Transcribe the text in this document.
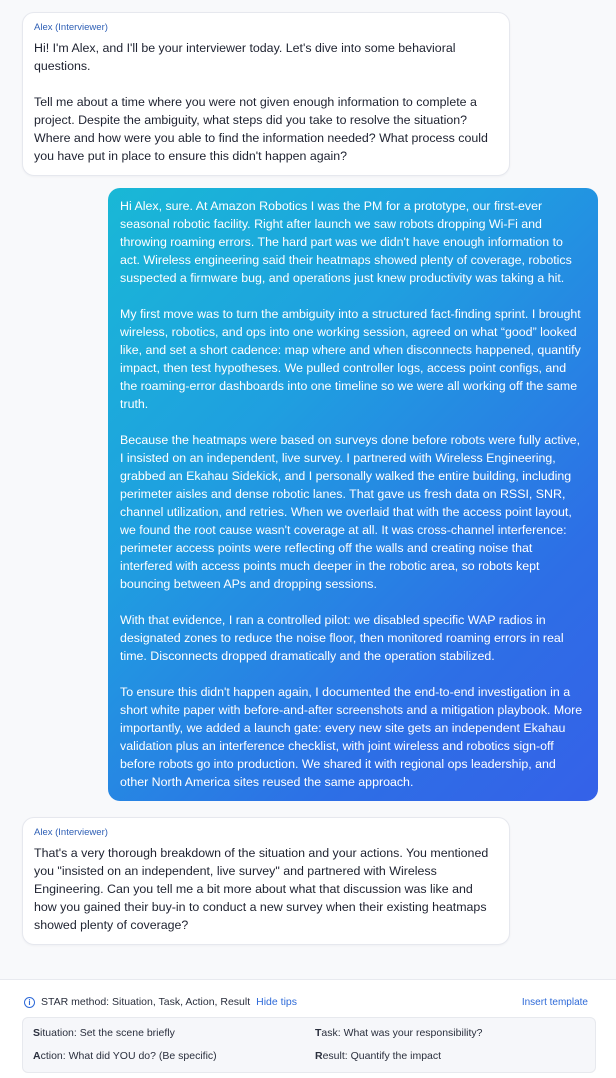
Alex (Interviewer)

Hi! I'm Alex, and I'll be your interviewer today. Let's dive into some behavioral questions.

Tell me about a time where you were not given enough information to complete a project. Despite the ambiguity, what steps did you take to resolve the situation? Where and how were you able to find the information needed? What process could you have put in place to ensure this didn't happen again?

Hi Alex, sure. At Amazon Robotics I was the PM for a prototype, our first-ever seasonal robotic facility. Right after launch we saw robots dropping Wi-Fi and throwing roaming errors. The hard part was we didn't have enough information to act. Wireless engineering said their heatmaps showed plenty of coverage, robotics suspected a firmware bug, and operations just knew productivity was taking a hit.

My first move was to turn the ambiguity into a structured fact-finding sprint. I brought wireless, robotics, and ops into one working session, agreed on what “good” looked like, and set a short cadence: map where and when disconnects happened, quantify impact, then test hypotheses. We pulled controller logs, access point configs, and the roaming-error dashboards into one timeline so we were all working off the same truth.

Because the heatmaps were based on surveys done before robots were fully active, I insisted on an independent, live survey. I partnered with Wireless Engineering, grabbed an Ekahau Sidekick, and I personally walked the entire building, including perimeter aisles and dense robotic lanes. That gave us fresh data on RSSI, SNR, channel utilization, and retries. When we overlaid that with the access point layout, we found the root cause wasn't coverage at all. It was cross-channel interference: perimeter access points were reflecting off the walls and creating noise that interfered with access points much deeper in the robotic area, so robots kept bouncing between APs and dropping sessions.

With that evidence, I ran a controlled pilot: we disabled specific WAP radios in designated zones to reduce the noise floor, then monitored roaming errors in real time. Disconnects dropped dramatically and the operation stabilized.

To ensure this didn't happen again, I documented the end-to-end investigation in a short white paper with before-and-after screenshots and a mitigation playbook. More importantly, we added a launch gate: every new site gets an independent Ekahau validation plus an interference checklist, with joint wireless and robotics sign-off before robots go into production. We shared it with regional ops leadership, and other North America sites reused the same approach.

Alex (Interviewer)

That's a very thorough breakdown of the situation and your actions. You mentioned you "insisted on an independent, live survey" and partnered with Wireless Engineering. Can you tell me a bit more about what that discussion was like and how you gained their buy-in to conduct a new survey when their existing heatmaps showed plenty of coverage?

i STAR method: Situation, Task, Action, Result Hide tips	Insert template
Situation: Set the scene briefly	Task: What was your responsibility?
Action: What did YOU do? (Be specific)	Result: Quantify the impact
